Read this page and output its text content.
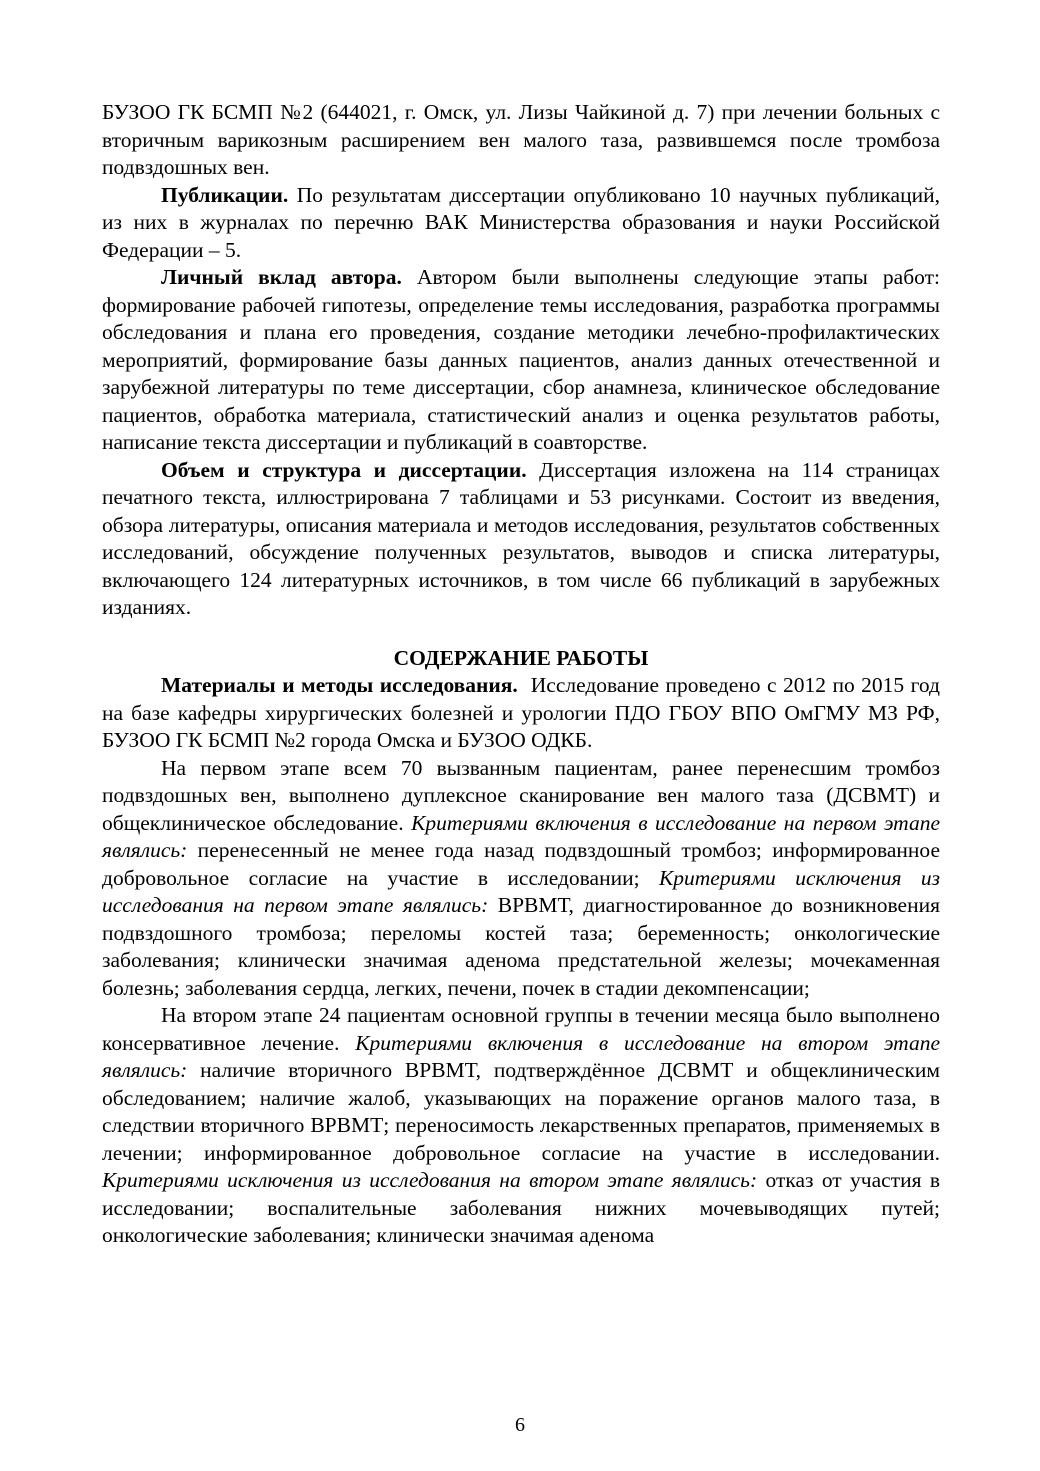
БУЗОО ГК БСМП №2 (644021, г. Омск, ул. Лизы Чайкиной д. 7) при лечении больных с вторичным варикозным расширением вен малого таза, развившемся после тромбоза подвздошных вен.

Публикации. По результатам диссертации опубликовано 10 научных публикаций, из них в журналах по перечню ВАК Министерства образования и науки Российской Федерации – 5.

Личный вклад автора. Автором были выполнены следующие этапы работ: формирование рабочей гипотезы, определение темы исследования, разработка программы обследования и плана его проведения, создание методики лечебно-профилактических мероприятий, формирование базы данных пациентов, анализ данных отечественной и зарубежной литературы по теме диссертации, сбор анамнеза, клиническое обследование пациентов, обработка материала, статистический анализ и оценка результатов работы, написание текста диссертации и публикаций в соавторстве.

Объем и структура и диссертации. Диссертация изложена на 114 страницах печатного текста, иллюстрирована 7 таблицами и 53 рисунками. Состоит из введения, обзора литературы, описания материала и методов исследования, результатов собственных исследований, обсуждение полученных результатов, выводов и списка литературы, включающего 124 литературных источников, в том числе 66 публикаций в зарубежных изданиях.

СОДЕРЖАНИЕ РАБОТЫ

Материалы и методы исследования.  Исследование проведено с 2012 по 2015 год на базе кафедры хирургических болезней и урологии ПДО ГБОУ ВПО ОмГМУ МЗ РФ, БУЗОО ГК БСМП №2 города Омска и БУЗОО ОДКБ.

На первом этапе всем 70 вызванным пациентам, ранее перенесшим тромбоз подвздошных вен, выполнено дуплексное сканирование вен малого таза (ДСВМТ) и общеклиническое обследование. Критериями включения в исследование на первом этапе являлись: перенесенный не менее года назад подвздошный тромбоз; информированное добровольное согласие на участие в исследовании; Критериями исключения из исследования на первом этапе являлись: ВРВМТ, диагностированное до возникновения подвздошного тромбоза; переломы костей таза; беременность; онкологические заболевания; клинически значимая аденома предстательной железы; мочекаменная болезнь; заболевания сердца, легких, печени, почек в стадии декомпенсации;

На втором этапе 24 пациентам основной группы в течении месяца было выполнено консервативное лечение. Критериями включения в исследование на втором этапе являлись: наличие вторичного ВРВМТ, подтверждённое ДСВМТ и общеклиническим обследованием; наличие жалоб, указывающих на поражение органов малого таза, в следствии вторичного ВРВМТ; переносимость лекарственных препаратов, применяемых в лечении; информированное добровольное согласие на участие в исследовании. Критериями исключения из исследования на втором этапе являлись: отказ от участия в исследовании; воспалительные заболевания нижних мочевыводящих путей; онкологические заболевания; клинически значимая аденома

6
